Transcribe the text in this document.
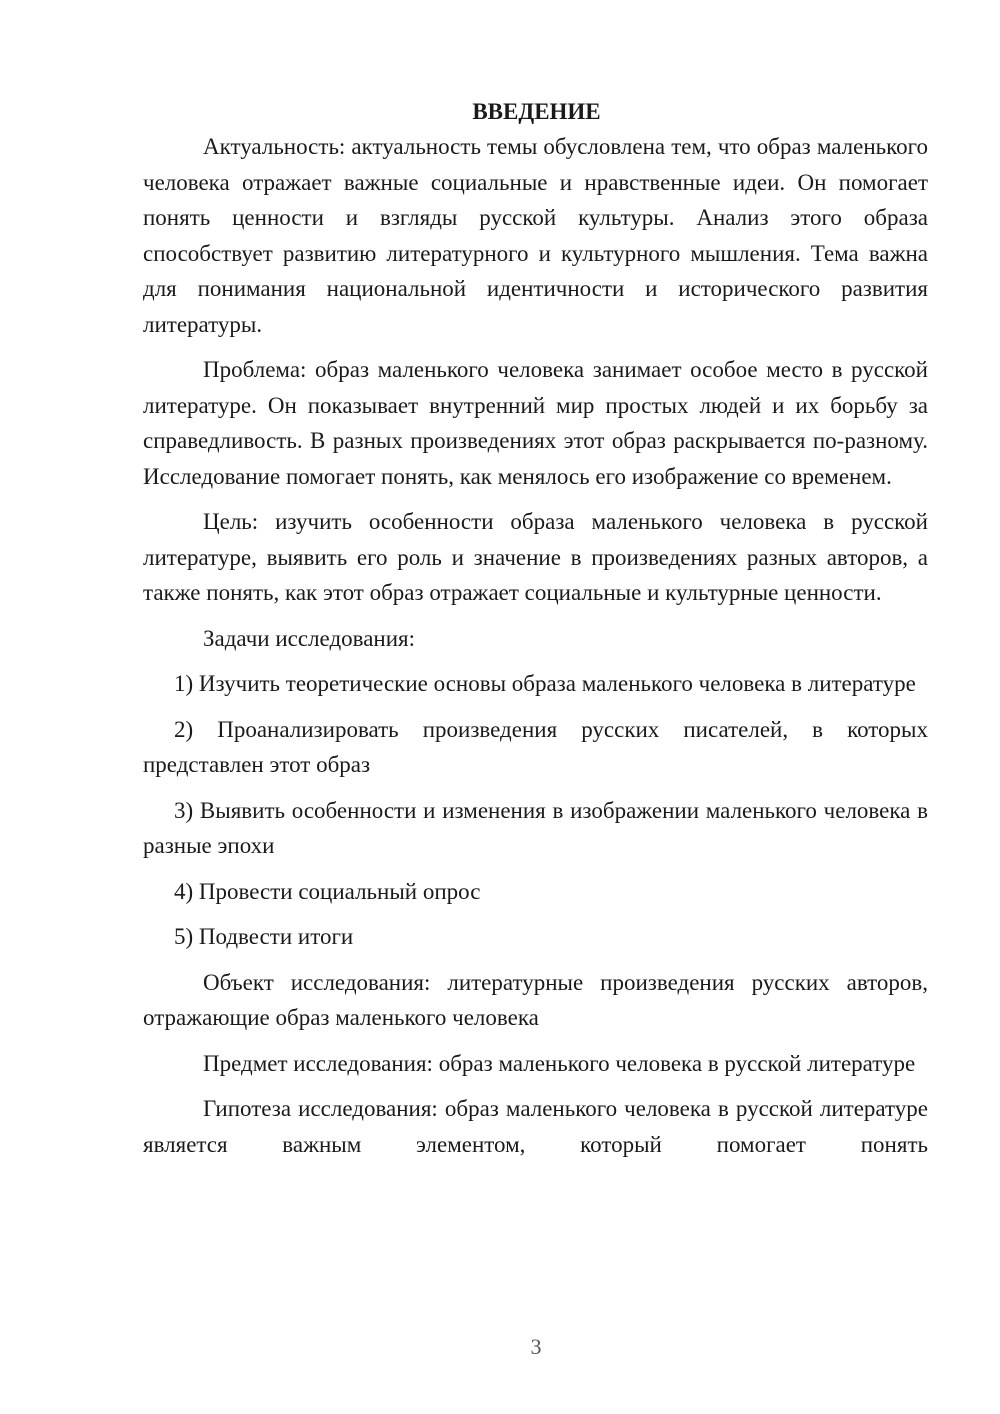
ВВЕДЕНИЕ

Актуальность: актуальность темы обусловлена тем, что образ маленького человека отражает важные социальные и нравственные идеи. Он помогает понять ценности и взгляды русской культуры. Анализ этого образа способствует развитию литературного и культурного мышления. Тема важна для понимания национальной идентичности и исторического развития литературы.

Проблема: образ маленького человека занимает особое место в русской литературе. Он показывает внутренний мир простых людей и их борьбу за справедливость. В разных произведениях этот образ раскрывается по-разному. Исследование помогает понять, как менялось его изображение со временем.

Цель: изучить особенности образа маленького человека в русской литературе, выявить его роль и значение в произведениях разных авторов, а также понять, как этот образ отражает социальные и культурные ценности.

Задачи исследования:

1) Изучить теоретические основы образа маленького человека в литературе

2) Проанализировать произведения русских писателей, в которых представлен этот образ

3) Выявить особенности и изменения в изображении маленького человека в разные эпохи

4) Провести социальный опрос

5) Подвести итоги

Объект исследования: литературные произведения русских авторов, отражающие образ маленького человека

Предмет исследования: образ маленького человека в русской литературе

Гипотеза исследования: образ маленького человека в русской литературе является важным элементом, который помогает понять

3
